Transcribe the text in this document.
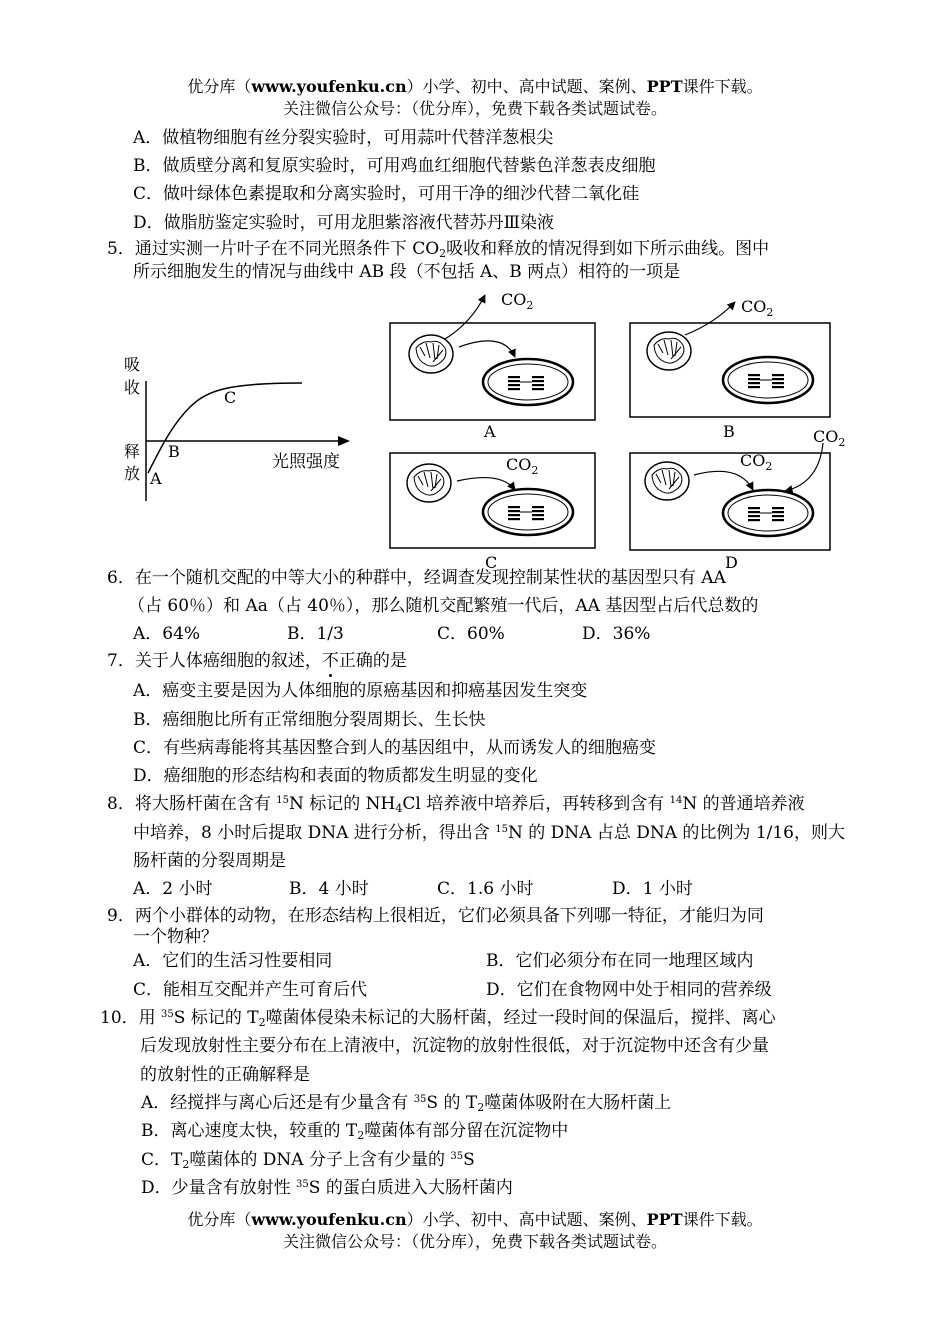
优分库（www.youfenku.cn）小学、初中、高中试题、案例、PPT课件下载。
关注微信公众号：（优分库），免费下载各类试题试卷。
A．做植物细胞有丝分裂实验时，可用蒜叶代替洋葱根尖
B．做质壁分离和复原实验时，可用鸡血红细胞代替紫色洋葱表皮细胞
C．做叶绿体色素提取和分离实验时，可用干净的细沙代替二氧化硅
D．做脂肪鉴定实验时，可用龙胆紫溶液代替苏丹Ⅲ染液
5．通过实测一片叶子在不同光照条件下 $CO_2$吸收和释放的情况得到如下所示曲线。图中
所示细胞发生的情况与曲线中 AB 段（不包括 A、B 两点）相符的一项是
吸
收
释
放
光照强度
A
B
C
$CO_2$
A
$CO_2$
B
$CO_2$
C
$CO_2$
$CO_2$
D
6．在一个随机交配的中等大小的种群中，经调查发现控制某性状的基因型只有 AA
（占 60％）和 Aa（占 40％），那么随机交配繁殖一代后，AA 基因型占后代总数的
A．64%	B．1/3	C．60%	D．36%
7．关于人体癌细胞的叙述，不正确的是
A．癌变主要是因为人体细胞的原癌基因和抑癌基因发生突变
B．癌细胞比所有正常细胞分裂周期长、生长快
C．有些病毒能将其基因整合到人的基因组中，从而诱发人的细胞癌变
D．癌细胞的形态结构和表面的物质都发生明显的变化
8．将大肠杆菌在含有 $^{15}$N 标记的 $NH_4Cl$ 培养液中培养后，再转移到含有 $^{14}$N 的普通培养液
中培养，8 小时后提取 DNA 进行分析，得出含 $^{15}$N 的 DNA 占总 DNA 的比例为 1/16，则大
肠杆菌的分裂周期是
A．2 小时	B．4 小时	C．1.6 小时	D．1 小时
9．两个小群体的动物，在形态结构上很相近，它们必须具备下列哪一特征，才能归为同
一个物种？
A．它们的生活习性要相同	B．它们必须分布在同一地理区域内
C．能相互交配并产生可育后代	D．它们在食物网中处于相同的营养级
10．用 $^{35}$S 标记的 $T_2$噬菌体侵染未标记的大肠杆菌，经过一段时间的保温后，搅拌、离心
后发现放射性主要分布在上清液中，沉淀物的放射性很低，对于沉淀物中还含有少量
的放射性的正确解释是
A．经搅拌与离心后还是有少量含有 $^{35}$S 的 $T_2$噬菌体吸附在大肠杆菌上
B．离心速度太快，较重的 $T_2$噬菌体有部分留在沉淀物中
C．$T_2$噬菌体的 DNA 分子上含有少量的 $^{35}$S
D．少量含有放射性 $^{35}$S 的蛋白质进入大肠杆菌内
优分库（www.youfenku.cn）小学、初中、高中试题、案例、PPT课件下载。
关注微信公众号：（优分库），免费下载各类试题试卷。
